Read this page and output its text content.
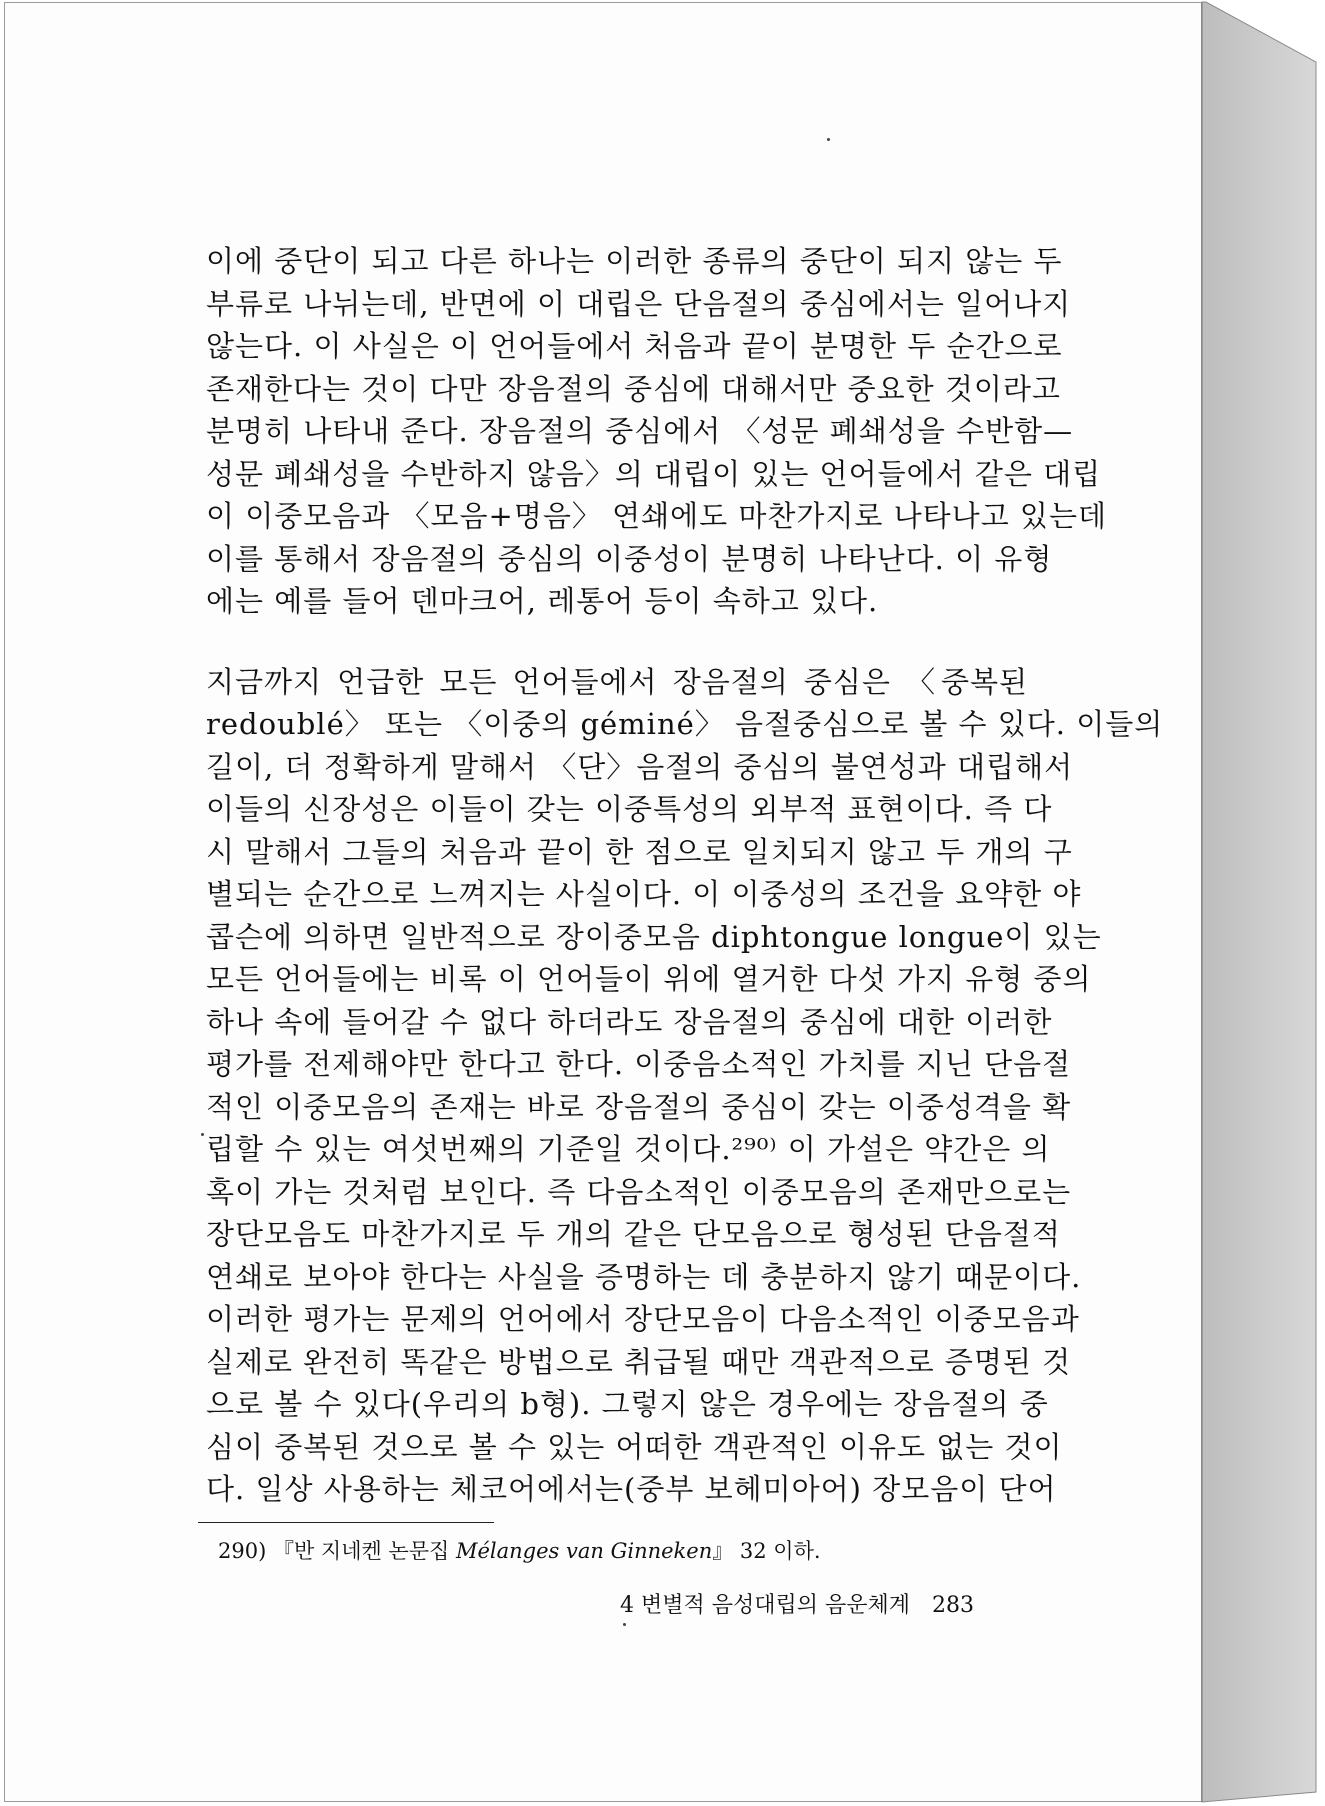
이에 중단이 되고 다른 하나는 이러한 종류의 중단이 되지 않는 두
부류로 나뉘는데, 반면에 이 대립은 단음절의 중심에서는 일어나지
않는다. 이 사실은 이 언어들에서 처음과 끝이 분명한 두 순간으로
존재한다는 것이 다만 장음절의 중심에 대해서만 중요한 것이라고
분명히 나타내 준다. 장음절의 중심에서 〈성문 폐쇄성을 수반함—
성문 폐쇄성을 수반하지 않음〉의 대립이 있는 언어들에서 같은 대립
이 이중모음과 〈모음+명음〉 연쇄에도 마찬가지로 나타나고 있는데
이를 통해서 장음절의 중심의 이중성이 분명히 나타난다. 이 유형
에는 예를 들어 덴마크어, 레통어 등이 속하고 있다.
지금까지 언급한 모든 언어들에서 장음절의 중심은 〈중복된
redoublé〉 또는 〈이중의 géminé〉 음절중심으로 볼 수 있다. 이들의
길이, 더 정확하게 말해서 〈단〉음절의 중심의 불연성과 대립해서
이들의 신장성은 이들이 갖는 이중특성의 외부적 표현이다. 즉 다
시 말해서 그들의 처음과 끝이 한 점으로 일치되지 않고 두 개의 구
별되는 순간으로 느껴지는 사실이다. 이 이중성의 조건을 요약한 야
콥슨에 의하면 일반적으로 장이중모음 diphtongue longue이 있는
모든 언어들에는 비록 이 언어들이 위에 열거한 다섯 가지 유형 중의
하나 속에 들어갈 수 없다 하더라도 장음절의 중심에 대한 이러한
평가를 전제해야만 한다고 한다. 이중음소적인 가치를 지닌 단음절
적인 이중모음의 존재는 바로 장음절의 중심이 갖는 이중성격을 확
립할 수 있는 여섯번째의 기준일 것이다.²⁹⁰⁾ 이 가설은 약간은 의
혹이 가는 것처럼 보인다. 즉 다음소적인 이중모음의 존재만으로는
장단모음도 마찬가지로 두 개의 같은 단모음으로 형성된 단음절적
연쇄로 보아야 한다는 사실을 증명하는 데 충분하지 않기 때문이다.
이러한 평가는 문제의 언어에서 장단모음이 다음소적인 이중모음과
실제로 완전히 똑같은 방법으로 취급될 때만 객관적으로 증명된 것
으로 볼 수 있다(우리의 b형). 그렇지 않은 경우에는 장음절의 중
심이 중복된 것으로 볼 수 있는 어떠한 객관적인 이유도 없는 것이
다. 일상 사용하는 체코어에서는(중부 보헤미아어) 장모음이 단어
290) 『반 지네켄 논문집 Mélanges van Ginneken』 32 이하.
4 변별적 음성대립의 음운체계 283
